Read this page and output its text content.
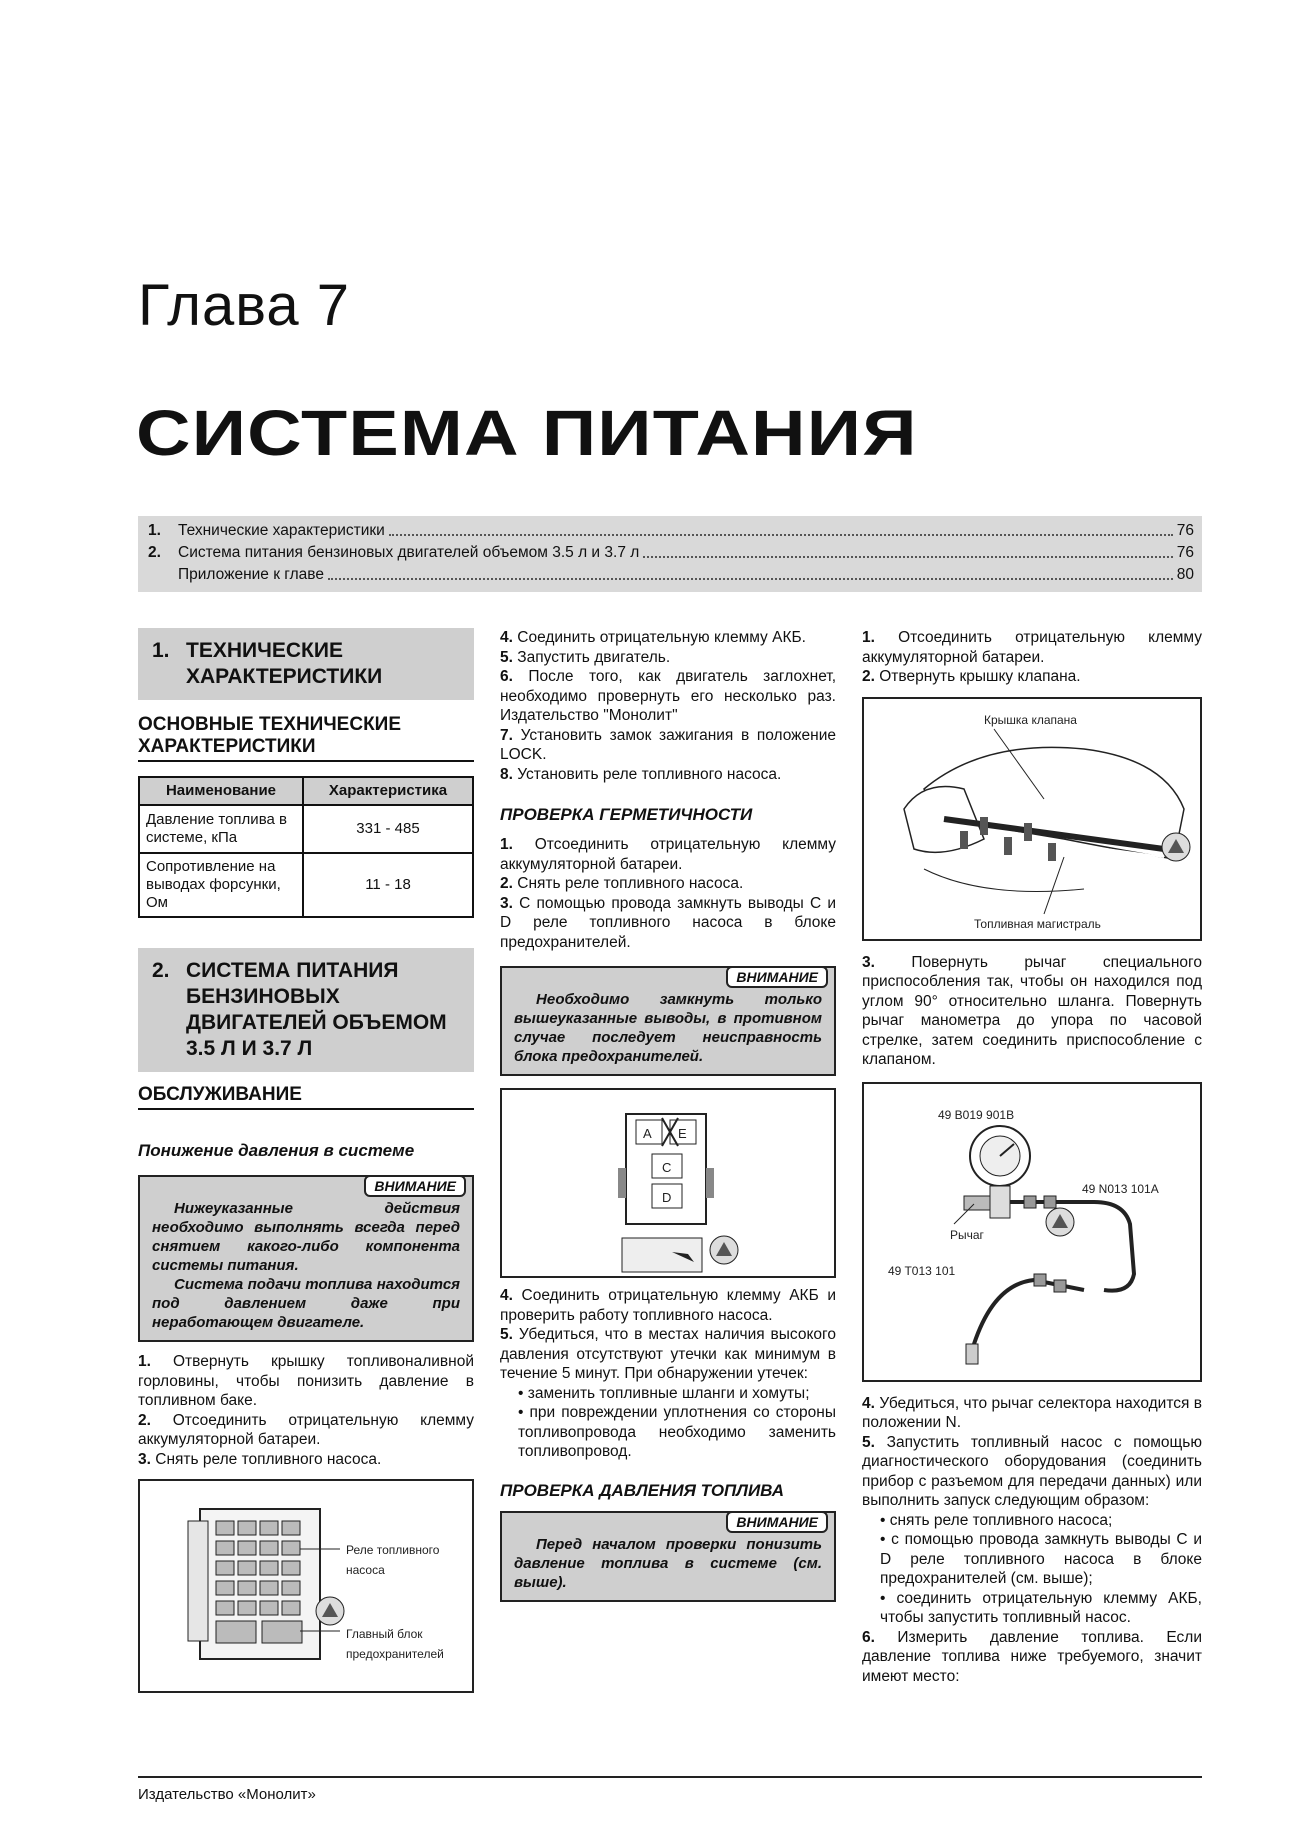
Глава 7
СИСТЕМА ПИТАНИЯ
1.	Технические характеристики	76
2.	Система питания бензиновых двигателей объемом 3.5 л и 3.7 л	76
Приложение к главе	80
1. ТЕХНИЧЕСКИЕ ХАРАКТЕРИСТИКИ
ОСНОВНЫЕ ТЕХНИЧЕСКИЕ ХАРАКТЕРИСТИКИ
Наименование	Характеристика
Давление топлива в системе, кПа	331 - 485
Сопротивление на выводах форсунки, Ом	11 - 18
2. СИСТЕМА ПИТАНИЯ БЕНЗИНОВЫХ ДВИГАТЕЛЕЙ ОБЪЕМОМ 3.5 Л И 3.7 Л
ОБСЛУЖИВАНИЕ
Понижение давления в системе
ВНИМАНИЕ

Нижеуказанные действия необходимо выполнять всегда перед снятием какого-либо компонента системы питания.

Система подачи топлива находится под давлением даже при неработающем двигателе.

1. Отвернуть крышку топливоналивной горловины, чтобы понизить давление в топливном баке.

2. Отсоединить отрицательную клемму аккумуляторной батареи.

3. Снять реле топливного насоса.

Реле топливного насоса
Главный блок предохранителей

4. Соединить отрицательную клемму АКБ.

5. Запустить двигатель.

6. После того, как двигатель заглохнет, необходимо провернуть его несколько раз. Издательство "Монолит"

7. Установить замок зажигания в положение LOCK.

8. Установить реле топливного насоса.

ПРОВЕРКА ГЕРМЕТИЧНОСТИ

1. Отсоединить отрицательную клемму аккумуляторной батареи.

2. Снять реле топливного насоса.

3. С помощью провода замкнуть выводы C и D реле топливного насоса в блоке предохранителей.

ВНИМАНИЕ

Необходимо замкнуть только вышеуказанные выводы, в противном случае последует неисправность блока предохранителей.

A E
C
D

4. Соединить отрицательную клемму АКБ и проверить работу топливного насоса.

5. Убедиться, что в местах наличия высокого давления отсутствуют утечки как минимум в течение 5 минут. При обнаружении утечек:

• заменить топливные шланги и хомуты;

• при повреждении уплотнения со стороны топливопровода необходимо заменить топливопровод.

ПРОВЕРКА ДАВЛЕНИЯ ТОПЛИВА
ВНИМАНИЕ

Перед началом проверки понизить давление топлива в системе (см. выше).

1. Отсоединить отрицательную клемму аккумуляторной батареи.

2. Отвернуть крышку клапана.

Крышка клапана
Топливная магистраль

3. Повернуть рычаг специального приспособления так, чтобы он находился под углом 90° относительно шланга. Повернуть рычаг манометра до упора по часовой стрелке, затем соединить приспособление с клапаном.

49 B019 901B
49 N013 101A
Рычаг
49 T013 101

4. Убедиться, что рычаг селектора находится в положении N.

5. Запустить топливный насос с помощью диагностического оборудования (соединить прибор с разъемом для передачи данных) или выполнить запуск следующим образом:

• снять реле топливного насоса;

• с помощью провода замкнуть выводы C и D реле топливного насоса в блоке предохранителей (см. выше);

• соединить отрицательную клемму АКБ, чтобы запустить топливный насос.

6. Измерить давление топлива. Если давление топлива ниже требуемого, значит имеют место:

Издательство «Монолит»
